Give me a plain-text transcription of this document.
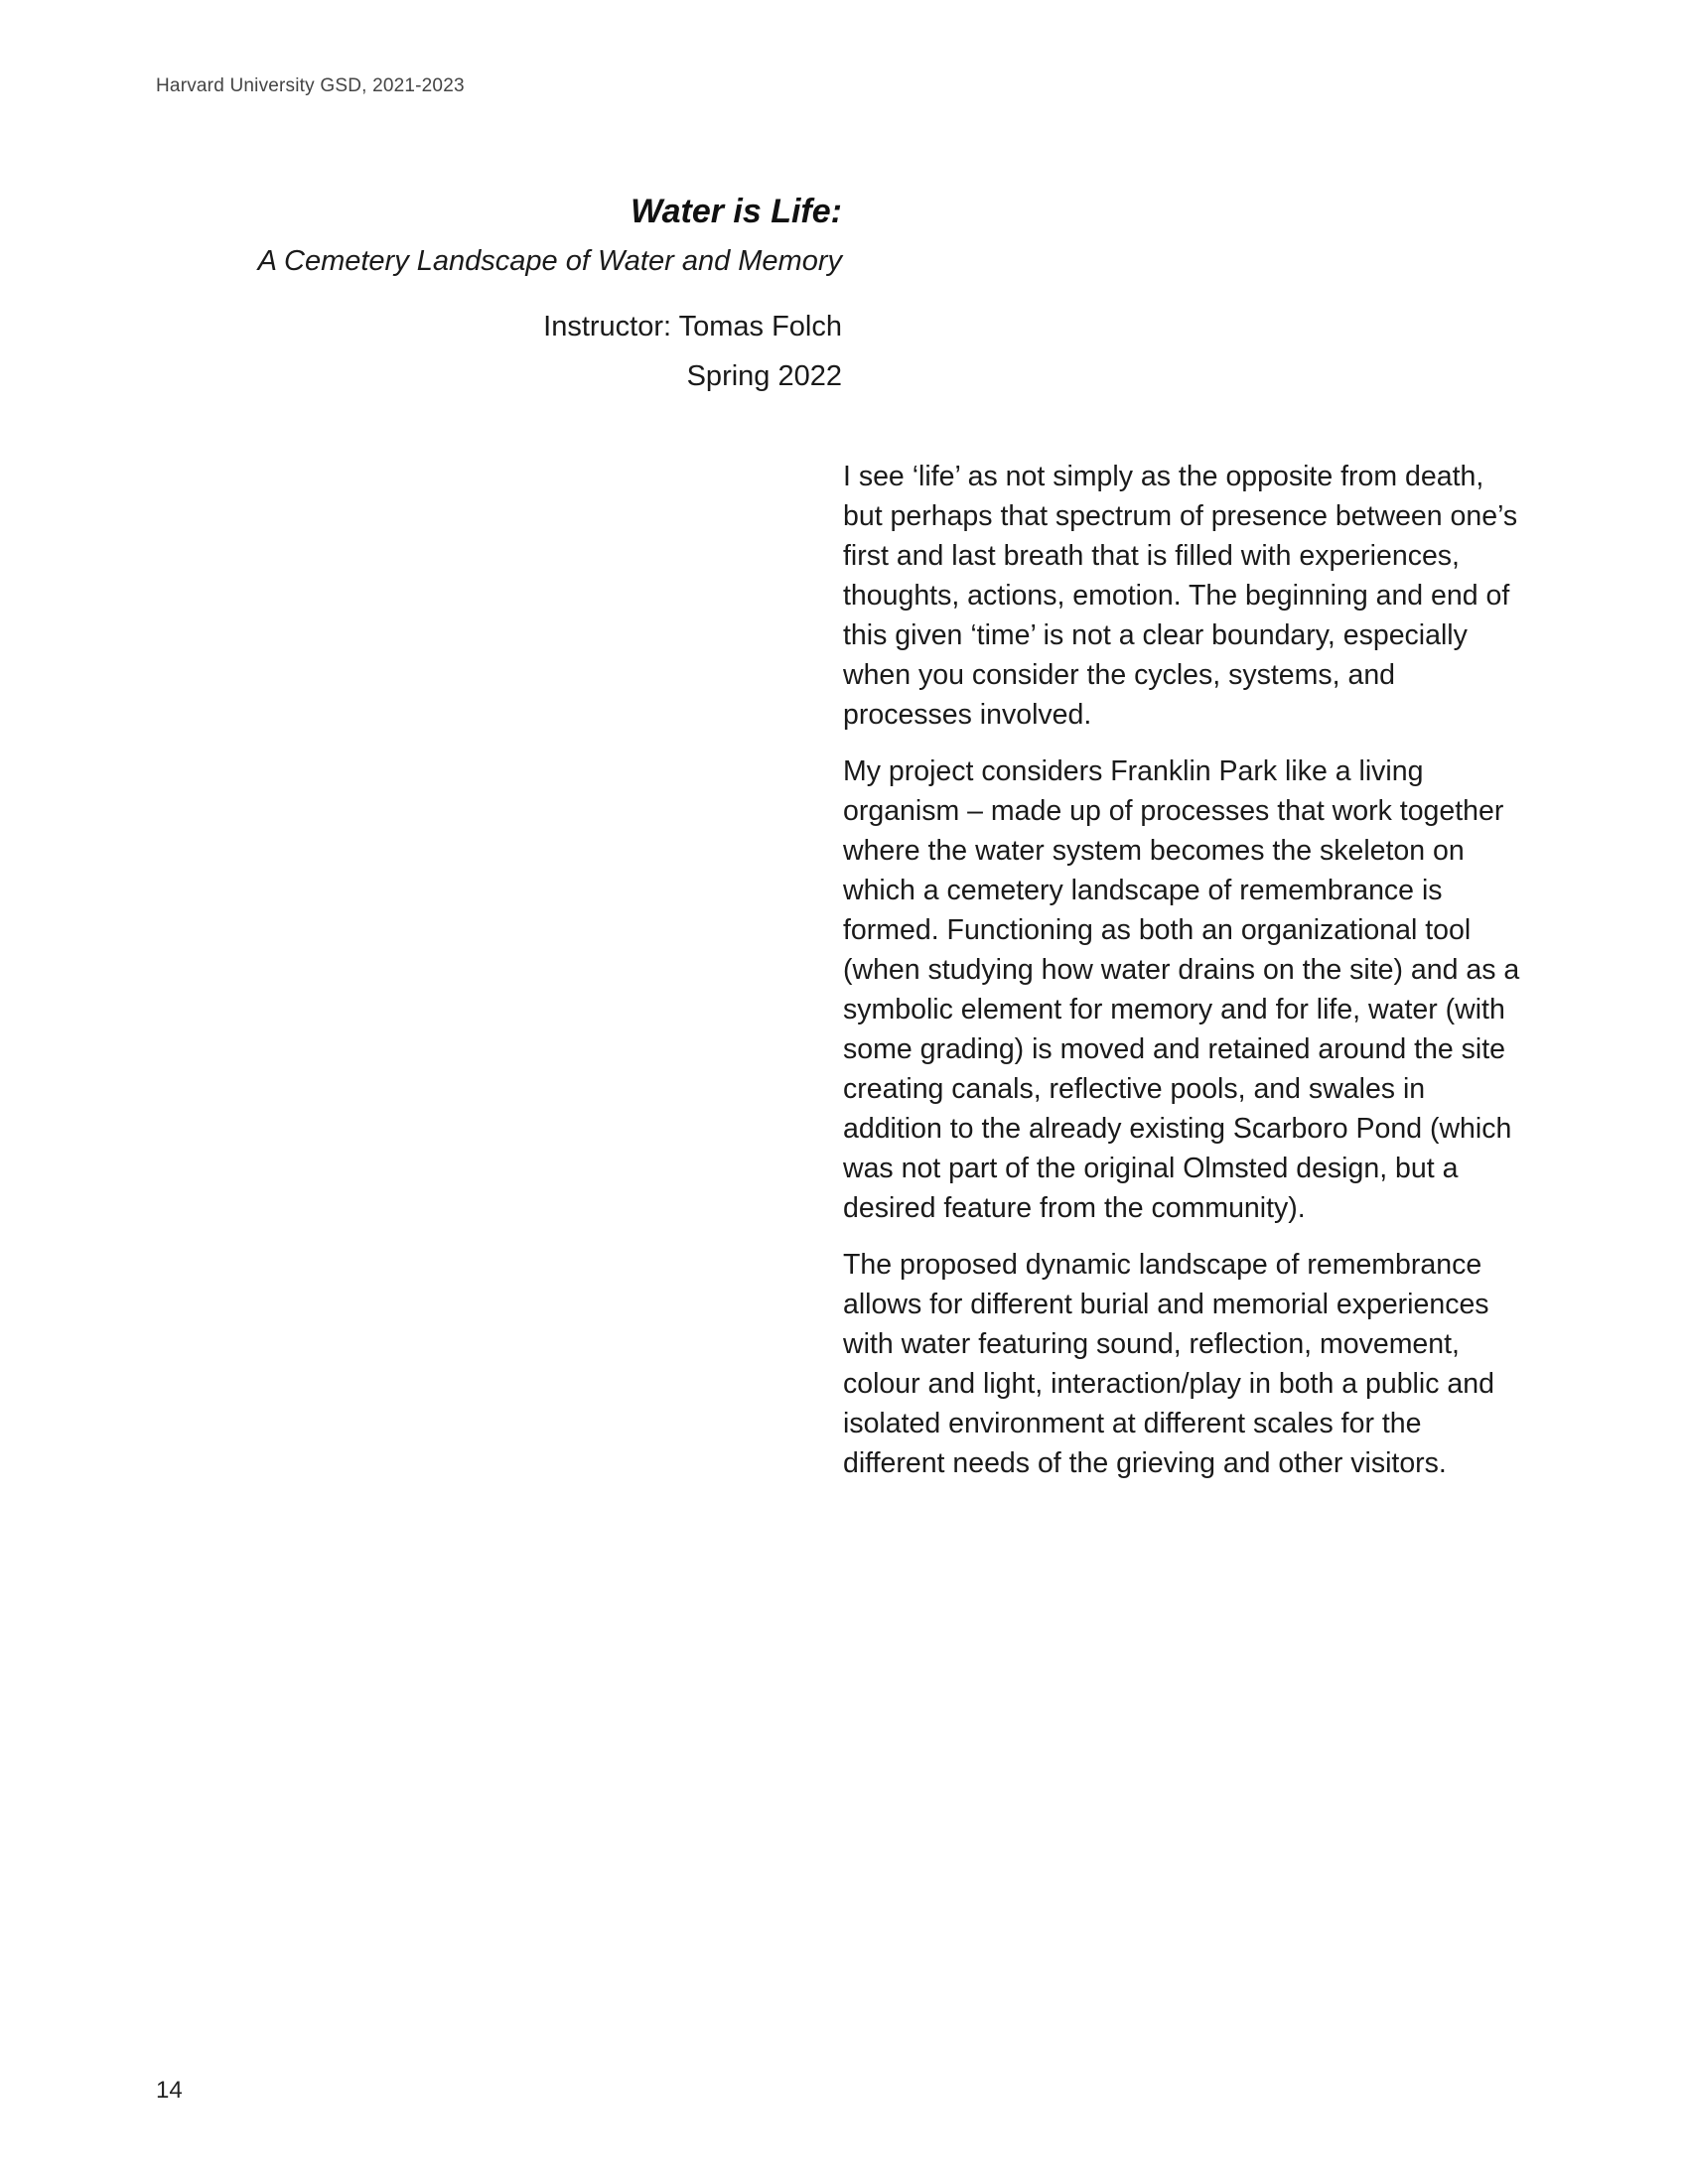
Harvard University GSD, 2021-2023

Water is Life:

A Cemetery Landscape of Water and Memory

Instructor: Tomas Folch

Spring 2022

I see ‘life’ as not simply as the opposite from death, but perhaps that spectrum of presence between one’s first and last breath that is filled with experiences, thoughts, actions, emotion. The beginning and end of this given ‘time’ is not a clear boundary, especially when you consider the cycles, systems, and processes involved.

My project considers Franklin Park like a living organism – made up of processes that work together where the water system becomes the skeleton on which a cemetery landscape of remembrance is formed. Functioning as both an organizational tool (when studying how water drains on the site) and as a symbolic element for memory and for life, water (with some grading) is moved and retained around the site creating canals, reflective pools, and swales in addition to the already existing Scarboro Pond (which was not part of the original Olmsted design, but a desired feature from the community).

The proposed dynamic landscape of remembrance allows for different burial and memorial experiences with water featuring sound, reflection, movement, colour and light, interaction/play in both a public and isolated environment at different scales for the different needs of the grieving and other visitors.

14
